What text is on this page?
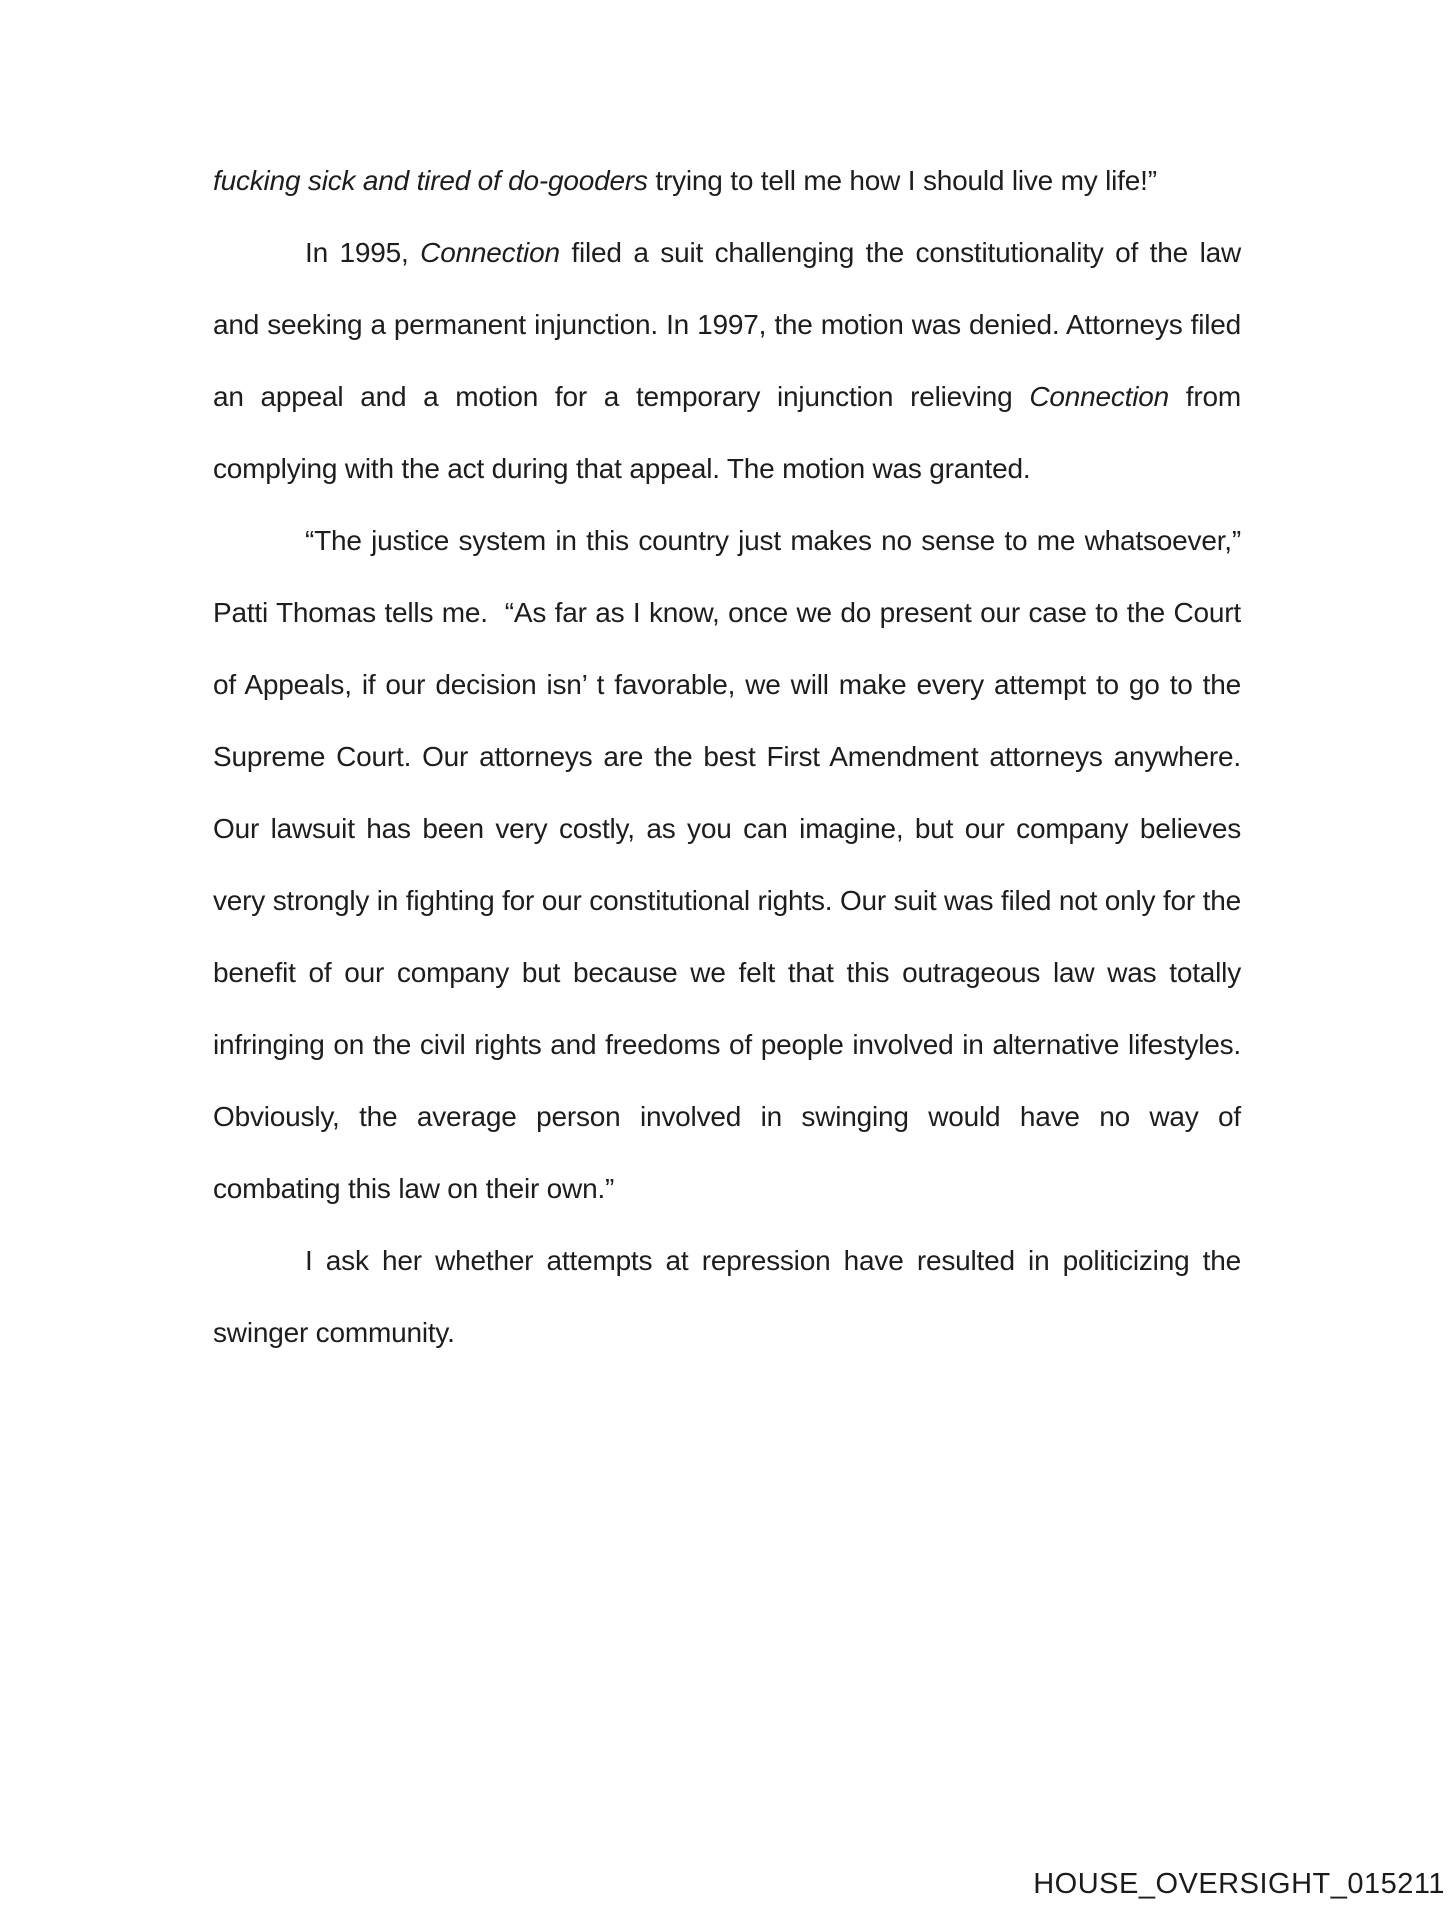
fucking sick and tired of do-gooders trying to tell me how I should live my life!”

In 1995, Connection filed a suit challenging the constitutionality of the law and seeking a permanent injunction. In 1997, the motion was denied. Attorneys filed an appeal and a motion for a temporary injunction relieving Connection from complying with the act during that appeal. The motion was granted.

“The justice system in this country just makes no sense to me whatsoever,”  Patti Thomas tells me.  “As far as I know, once we do present our case to the Court of Appeals, if our decision isn’ t favorable, we will make every attempt to go to the Supreme Court. Our attorneys are the best First Amendment attorneys anywhere. Our lawsuit has been very costly, as you can imagine, but our company believes very strongly in fighting for our constitutional rights. Our suit was filed not only for the benefit of our company but because we felt that this outrageous law was totally infringing on the civil rights and freedoms of people involved in alternative lifestyles. Obviously, the average person involved in swinging would have no way of combating this law on their own.”

I ask her whether attempts at repression have resulted in politicizing the swinger community.

HOUSE_OVERSIGHT_015211
